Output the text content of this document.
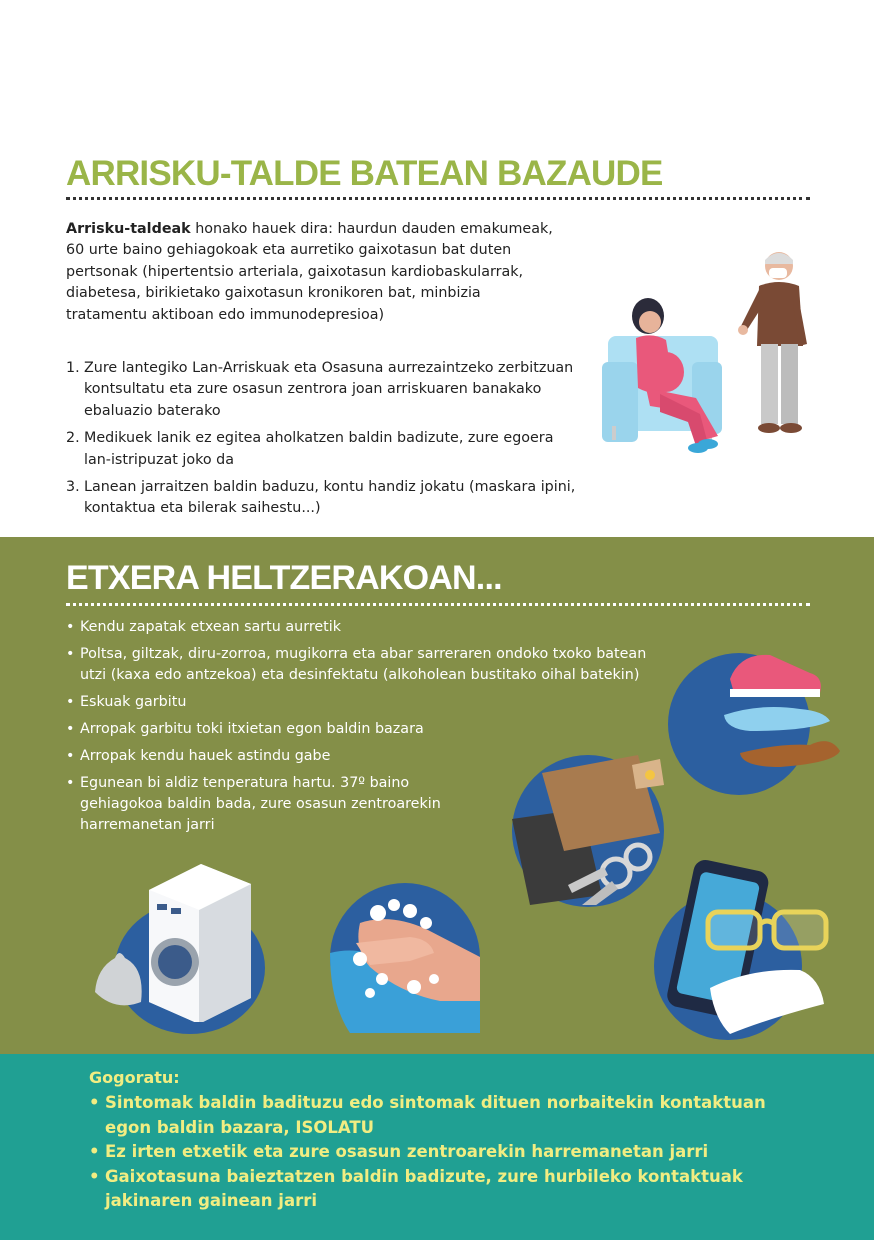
ARRISKU-TALDE BATEAN BAZAUDE

Arrisku-taldeak honako hauek dira: haurdun dauden emakumeak, 60 urte baino gehiagokoak eta aurretiko gaixotasun bat duten pertsonak (hipertentsio arteriala, gaixotasun kardiobaskularrak, diabetesa, birikietako gaixotasun kronikoren bat, minbizia tratamentu aktiboan edo immunodepresioa)

1. Zure lantegiko Lan-Arriskuak eta Osasuna aurrezaintzeko zerbitzuan kontsultatu eta zure osasun zentrora joan arriskuaren banakako ebaluazio baterako
2. Medikuek lanik ez egitea aholkatzen baldin badizute, zure egoera lan-istripuzat joko da
3. Lanean jarraitzen baldin baduzu, kontu handiz jokatu (maskara ipini, kontaktua eta bilerak saihestu...)
ETXERA HELTZERAKOAN...
• Kendu zapatak etxean sartu aurretik
• Poltsa, giltzak, diru-zorroa, mugikorra eta abar sarreraren ondoko txoko batean utzi (kaxa edo antzekoa) eta desinfektatu (alkoholean bustitako oihal batekin)
• Eskuak garbitu
• Arropak garbitu toki itxietan egon baldin bazara
• Arropak kendu hauek astindu gabe
• Egunean bi aldiz tenperatura hartu. 37º baino gehiagokoa baldin bada, zure osasun zentroarekin harremanetan jarri
Gogoratu:
• Sintomak baldin badituzu edo sintomak dituen norbaitekin kontaktuan egon baldin bazara, ISOLATU
• Ez irten etxetik eta zure osasun zentroarekin harremanetan jarri
• Gaixotasuna baieztatzen baldin badizute, zure hurbileko kontaktuak jakinaren gainean jarri
